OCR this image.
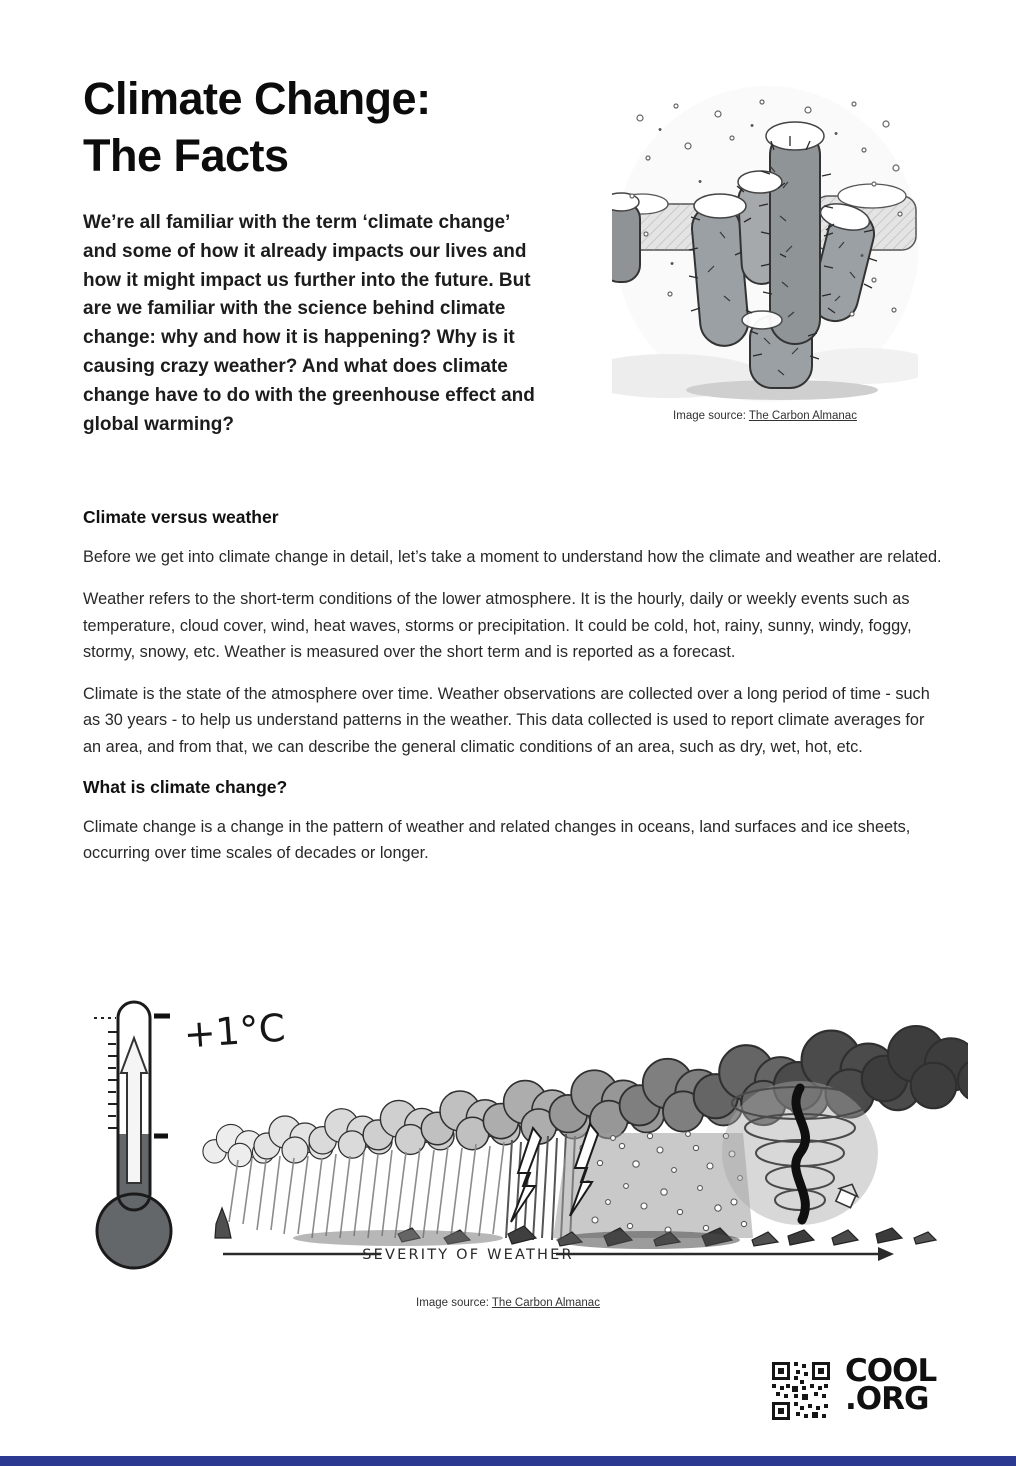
Climate Change:
The Facts

We’re all familiar with the term ‘climate change’ and some of how it already impacts our lives and how it might impact us further into the future. But are we familiar with the science behind climate change: why and how it is happening? Why is it causing crazy weather? And what does climate change have to do with the greenhouse effect and global warming?	Image source: The Carbon Almanac
Climate versus weather

Before we get into climate change in detail, let’s take a moment to understand how the climate and weather are related.

Weather refers to the short-term conditions of the lower atmosphere. It is the hourly, daily or weekly events such as temperature, cloud cover, wind, heat waves, storms or precipitation. It could be cold, hot, rainy, sunny, windy, foggy, stormy, snowy, etc. Weather is measured over the short term and is reported as a forecast.

Climate is the state of the atmosphere over time. Weather observations are collected over a long period of time - such as 30 years - to help us understand patterns in the weather. This data collected is used to report climate averages for an area, and from that, we can describe the general climatic conditions of an area, such as dry, wet, hot, etc.

What is climate change?

Climate change is a change in the pattern of weather and related changes in oceans, land surfaces and ice sheets, occurring over time scales of decades or longer.

+1°C
SEVERITY OF WEATHER
Image source: The Carbon Almanac
COOL
.ORG
